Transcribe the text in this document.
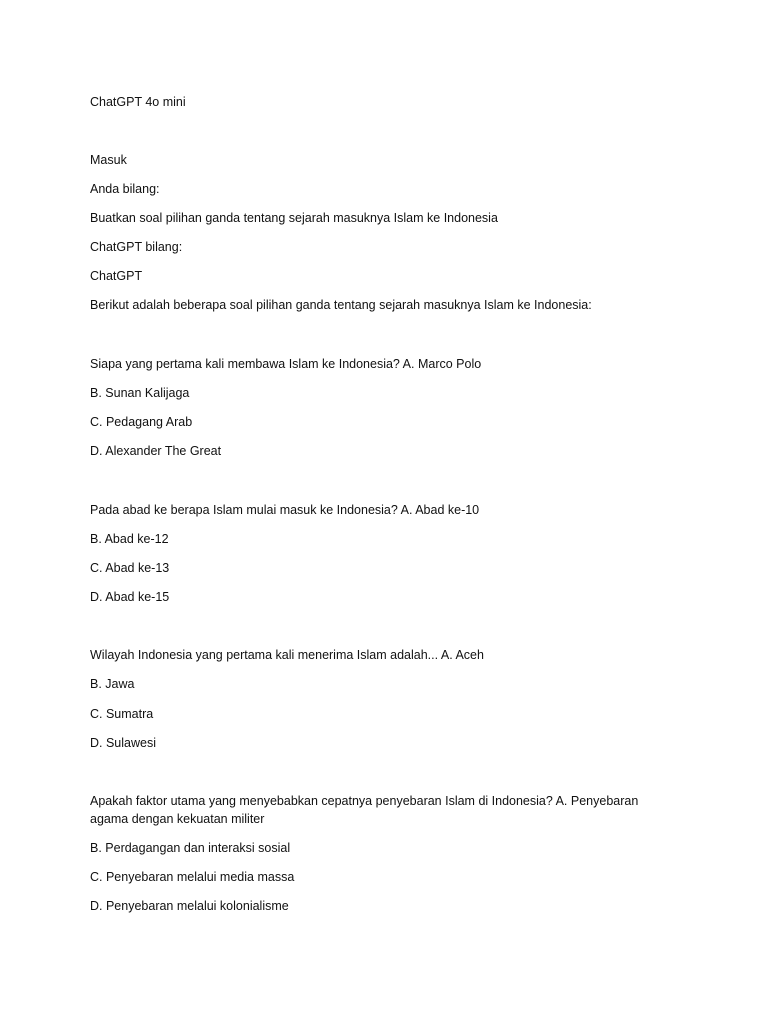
ChatGPT 4o mini
Masuk
Anda bilang:
Buatkan soal pilihan ganda tentang sejarah masuknya Islam ke Indonesia
ChatGPT bilang:
ChatGPT
Berikut adalah beberapa soal pilihan ganda tentang sejarah masuknya Islam ke Indonesia:
Siapa yang pertama kali membawa Islam ke Indonesia? A. Marco Polo
B. Sunan Kalijaga
C. Pedagang Arab
D. Alexander The Great
Pada abad ke berapa Islam mulai masuk ke Indonesia? A. Abad ke-10
B. Abad ke-12
C. Abad ke-13
D. Abad ke-15
Wilayah Indonesia yang pertama kali menerima Islam adalah... A. Aceh
B. Jawa
C. Sumatra
D. Sulawesi
Apakah faktor utama yang menyebabkan cepatnya penyebaran Islam di Indonesia? A. Penyebaran agama dengan kekuatan militer
B. Perdagangan dan interaksi sosial
C. Penyebaran melalui media massa
D. Penyebaran melalui kolonialisme
